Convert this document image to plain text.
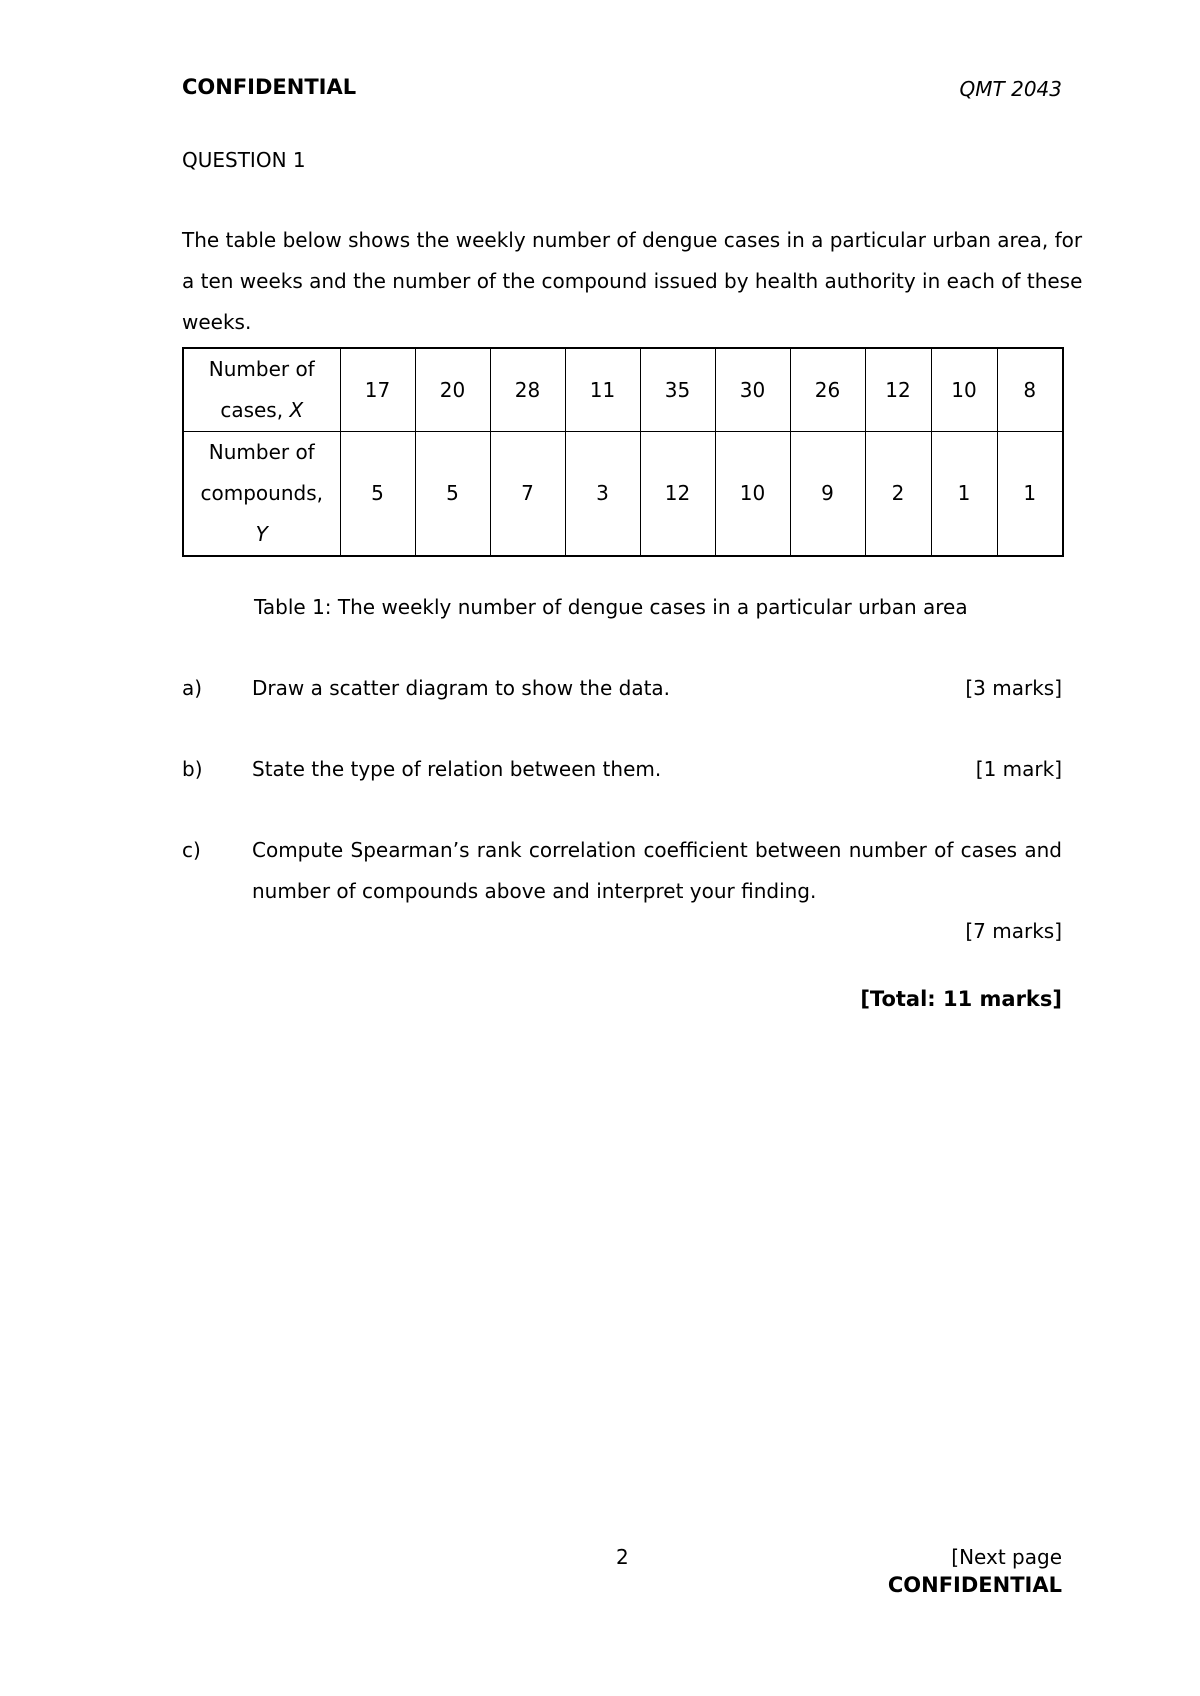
CONFIDENTIAL	QMT 2043
QUESTION 1
The table below shows the weekly number of dengue cases in a particular urban area, for
a ten weeks and the number of the compound issued by health authority in each of these
weeks.
Number of
cases, X	17	20	28	11	35	30	26	12	10	8
Number of
compounds,
Y	5	5	7	3	12	10	9	2	1	1
Table 1: The weekly number of dengue cases in a particular urban area
a) Draw a scatter diagram to show the data.	[3 marks]
b) State the type of relation between them.	[1 mark]
c)	Compute Spearman’s rank correlation coefficient between number of cases and
number of compounds above and interpret your finding.
[7 marks]
[Total: 11 marks]
2	[Next page
CONFIDENTIAL
